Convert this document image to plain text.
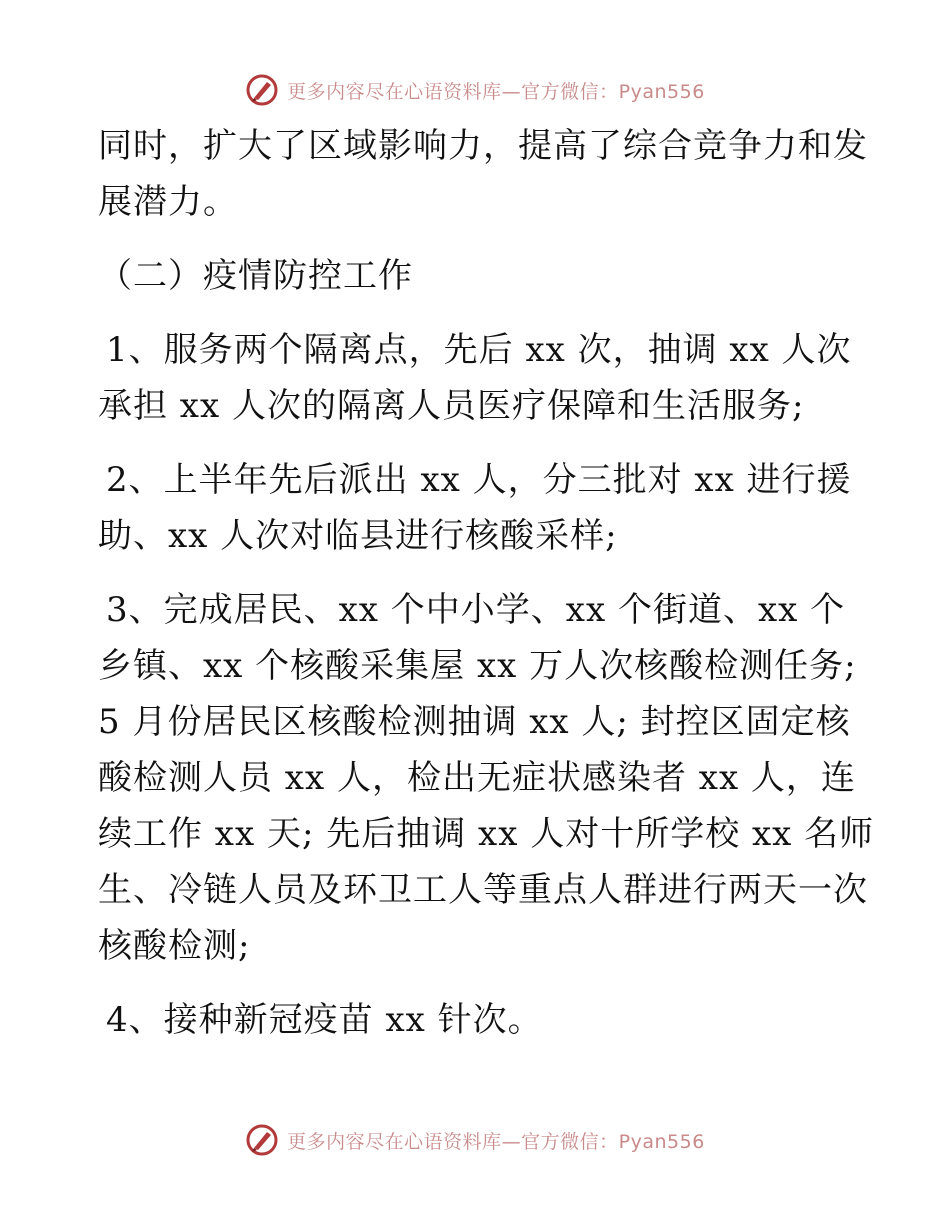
更多内容尽在心语资料库—官方微信：Pyan556

同时，扩大了区域影响力，提高了综合竞争力和发展潜力。

（二）疫情防控工作

1、服务两个隔离点，先后 xx 次，抽调 xx 人次承担 xx 人次的隔离人员医疗保障和生活服务;

2、上半年先后派出 xx 人，分三批对 xx 进行援助、xx 人次对临县进行核酸采样;

3、完成居民、xx 个中小学、xx 个街道、xx 个乡镇、xx 个核酸采集屋 xx 万人次核酸检测任务; 5 月份居民区核酸检测抽调 xx 人; 封控区固定核酸检测人员 xx 人，检出无症状感染者 xx 人，连续工作 xx 天; 先后抽调 xx 人对十所学校 xx 名师生、冷链人员及环卫工人等重点人群进行两天一次核酸检测;

4、接种新冠疫苗 xx 针次。

更多内容尽在心语资料库—官方微信：Pyan556
